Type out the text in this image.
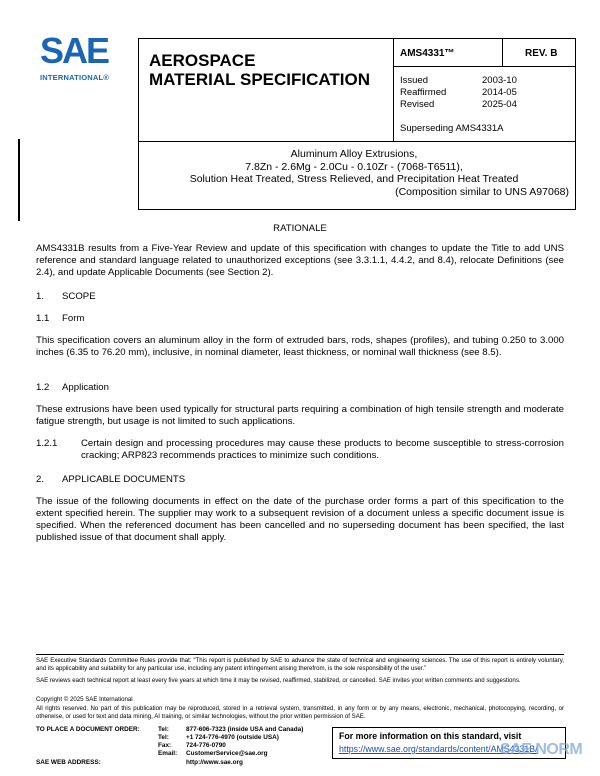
SAE
INTERNATIONAL®
AEROSPACE
MATERIAL SPECIFICATION
AMS4331™	REV. B
Issued	2003-10
Reaffirmed	2014-05
Revised	2025-04
Superseding AMS4331A
Aluminum Alloy Extrusions,
7.8Zn - 2.6Mg - 2.0Cu - 0.10Zr - (7068-T6511),
Solution Heat Treated, Stress Relieved, and Precipitation Heat Treated
(Composition similar to UNS A97068)
RATIONALE
AMS4331B results from a Five-Year Review and update of this specification with changes to update the Title to add UNS reference and standard language related to unauthorized exceptions (see 3.3.1.1, 4.4.2, and 8.4), relocate Definitions (see 2.4), and update Applicable Documents (see Section 2).
1. SCOPE
1.1 Form
This specification covers an aluminum alloy in the form of extruded bars, rods, shapes (profiles), and tubing 0.250 to 3.000 inches (6.35 to 76.20 mm), inclusive, in nominal diameter, least thickness, or nominal wall thickness (see 8.5).
1.2 Application
These extrusions have been used typically for structural parts requiring a combination of high tensile strength and moderate fatigue strength, but usage is not limited to such applications.
1.2.1 Certain design and processing procedures may cause these products to become susceptible to stress-corrosion cracking; ARP823 recommends practices to minimize such conditions.
2. APPLICABLE DOCUMENTS
The issue of the following documents in effect on the date of the purchase order forms a part of this specification to the extent specified herein. The supplier may work to a subsequent revision of a document unless a specific document issue is specified. When the referenced document has been cancelled and no superseding document has been specified, the last published issue of that document shall apply.
SAE Executive Standards Committee Rules provide that: “This report is published by SAE to advance the state of technical and engineering sciences. The use of this report is entirely voluntary, and its applicability and suitability for any particular use, including any patent infringement arising therefrom, is the sole responsibility of the user.”
SAE reviews each technical report at least every five years at which time it may be revised, reaffirmed, stabilized, or cancelled. SAE invites your written comments and suggestions.
Copyright © 2025 SAE International
All rights reserved. No part of this publication may be reproduced, stored in a retrieval system, transmitted, in any form or by any means, electronic, mechanical, photocopying, recording, or otherwise, or used for text and data mining, AI training, or similar technologies, without the prior written permission of SAE.
TO PLACE A DOCUMENT ORDER:	Tel:	877-606-7323 (inside USA and Canada)
Tel:	+1 724-776-4970 (outside USA)
Fax: 724-776-0790
Email: CustomerService@sae.org
SAE WEB ADDRESS:	http://www.sae.org
For more information on this standard, visit
https://www.sae.org/standards/content/AMS4331B/
SAE NORM
